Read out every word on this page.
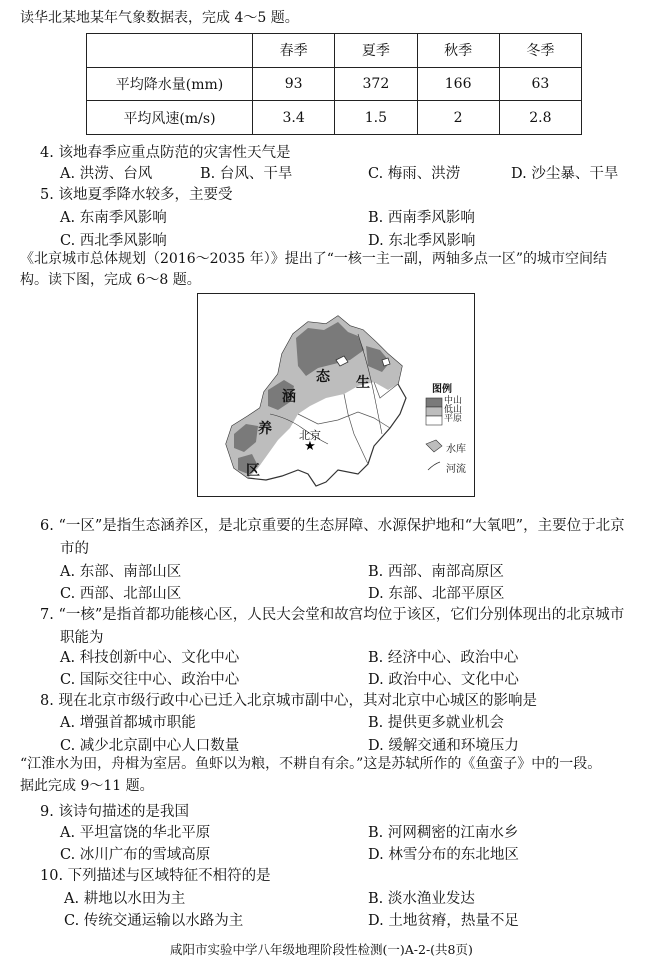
读华北某地某年气象数据表，完成 4～5 题。
	春季	夏季	秋季	冬季
平均降水量(mm)	93	372	166	63
平均风速(m/s)	3.4	1.5	2	2.8
4. 该地春季应重点防范的灾害性天气是
A. 洪涝、台风	B. 台风、干旱	C. 梅雨、洪涝	D. 沙尘暴、干旱
5. 该地夏季降水较多，主要受
A. 东南季风影响	B. 西南季风影响
C. 西北季风影响	D. 东北季风影响
《北京城市总体规划（2016～2035 年）》提出了“一核一主一副，两轴多点一区”的城市空间结
构。读下图，完成 6～8 题。
★
态 生
涵
养
区
北京
图例
中山
低山
平原
水库
河流
6. “一区”是指生态涵养区，是北京重要的生态屏障、水源保护地和“大氧吧”，主要位于北京
市的
A. 东部、南部山区	B. 西部、南部高原区
C. 西部、北部山区	D. 东部、北部平原区
7. “一核”是指首都功能核心区，人民大会堂和故宫均位于该区，它们分别体现出的北京城市
职能为
A. 科技创新中心、文化中心	B. 经济中心、政治中心
C. 国际交往中心、政治中心	D. 政治中心、文化中心
8. 现在北京市级行政中心已迁入北京城市副中心，其对北京中心城区的影响是
A. 增强首都城市职能	B. 提供更多就业机会
C. 减少北京副中心人口数量	D. 缓解交通和环境压力
“江淮水为田，舟楫为室居。鱼虾以为粮，不耕自有余。”这是苏轼所作的《鱼蛮子》中的一段。
据此完成 9～11 题。
9. 该诗句描述的是我国
A. 平坦富饶的华北平原	B. 河网稠密的江南水乡
C. 冰川广布的雪域高原	D. 林雪分布的东北地区
10. 下列描述与区域特征不相符的是
A. 耕地以水田为主	B. 淡水渔业发达
C. 传统交通运输以水路为主	D. 土地贫瘠，热量不足
咸阳市实验中学八年级地理阶段性检测(一)A-2-(共8页)
